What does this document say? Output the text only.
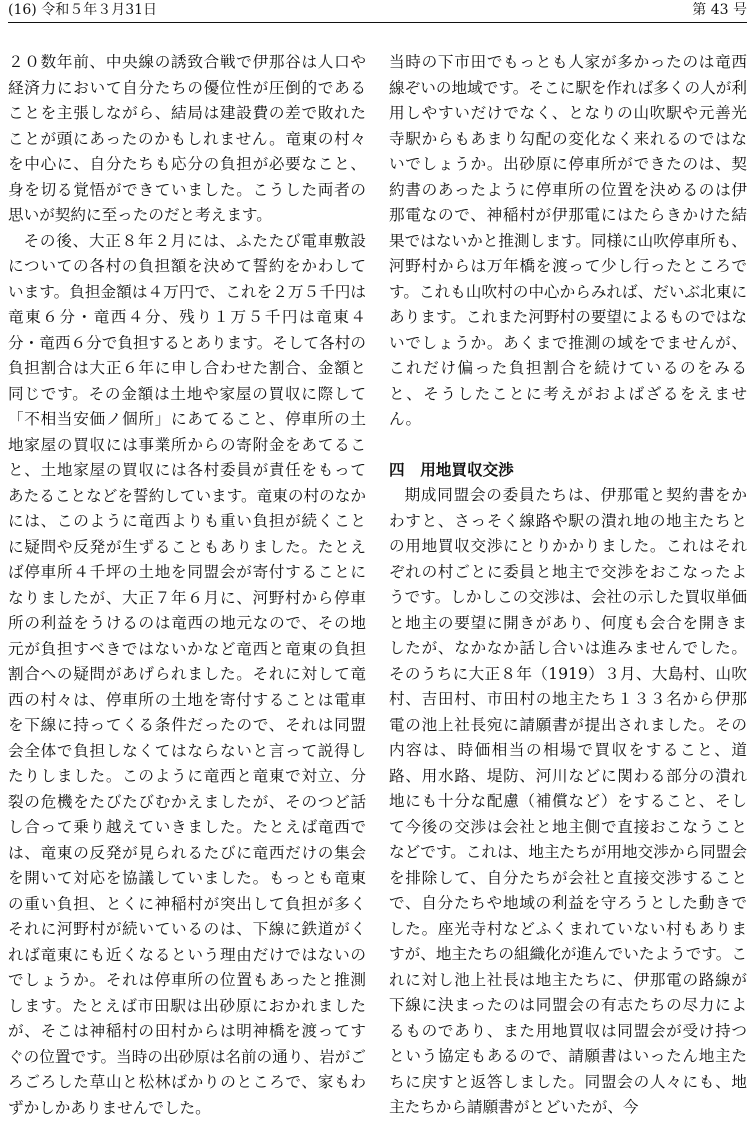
(16) 令和５年３月31日	第 43 号

２０数年前、中央線の誘致合戦で伊那谷は人口や経済力において自分たちの優位性が圧倒的であることを主張しながら、結局は建設費の差で敗れたことが頭にあったのかもしれません。竜東の村々を中心に、自分たちも応分の負担が必要なこと、身を切る覚悟ができていました。こうした両者の思いが契約に至ったのだと考えます。

その後、大正８年２月には、ふたたび電車敷設についての各村の負担額を決めて誓約をかわしています。負担金額は４万円で、これを２万５千円は竜東６分・竜西４分、残り１万５千円は竜東４分・竜西６分で負担するとあります。そして各村の負担割合は大正６年に申し合わせた割合、金額と同じです。その金額は土地や家屋の買収に際して「不相当安価ノ個所」にあてること、停車所の土地家屋の買収には事業所からの寄附金をあてること、土地家屋の買収には各村委員が責任をもってあたることなどを誓約しています。竜東の村のなかには、このように竜西よりも重い負担が続くことに疑問や反発が生ずることもありました。たとえば停車所４千坪の土地を同盟会が寄付することになりましたが、大正７年６月に、河野村から停車所の利益をうけるのは竜西の地元なので、その地元が負担すべきではないかなど竜西と竜東の負担割合への疑問があげられました。それに対して竜西の村々は、停車所の土地を寄付することは電車を下線に持ってくる条件だったので、それは同盟会全体で負担しなくてはならないと言って説得したりしました。このように竜西と竜東で対立、分裂の危機をたびたびむかえましたが、そのつど話し合って乗り越えていきました。たとえば竜西では、竜東の反発が見られるたびに竜西だけの集会を開いて対応を協議していました。もっとも竜東の重い負担、とくに神稲村が突出して負担が多くそれに河野村が続いているのは、下線に鉄道がくれば竜東にも近くなるという理由だけではないのでしょうか。それは停車所の位置もあったと推測します。たとえば市田駅は出砂原におかれましたが、そこは神稲村の田村からは明神橋を渡ってすぐの位置です。当時の出砂原は名前の通り、岩がごろごろした草山と松林ばかりのところで、家もわずかしかありませんでした。

当時の下市田でもっとも人家が多かったのは竜西線ぞいの地域です。そこに駅を作れば多くの人が利用しやすいだけでなく、となりの山吹駅や元善光寺駅からもあまり勾配の変化なく来れるのではないでしょうか。出砂原に停車所ができたのは、契約書のあったように停車所の位置を決めるのは伊那電なので、神稲村が伊那電にはたらきかけた結果ではないかと推測します。同様に山吹停車所も、河野村からは万年橋を渡って少し行ったところです。これも山吹村の中心からみれば、だいぶ北東にあります。これまた河野村の要望によるものではないでしょうか。あくまで推測の域をでませんが、これだけ偏った負担割合を続けているのをみると、そうしたことに考えがおよばざるをえません。

四　用地買収交渉

期成同盟会の委員たちは、伊那電と契約書をかわすと、さっそく線路や駅の潰れ地の地主たちとの用地買収交渉にとりかかりました。これはそれぞれの村ごとに委員と地主で交渉をおこなったようです。しかしこの交渉は、会社の示した買収単価と地主の要望に開きがあり、何度も会合を開きましたが、なかなか話し合いは進みませんでした。そのうちに大正８年（1919）３月、大島村、山吹村、吉田村、市田村の地主たち１３３名から伊那電の池上社長宛に請願書が提出されました。その内容は、時価相当の相場で買収をすること、道路、用水路、堤防、河川などに関わる部分の潰れ地にも十分な配慮（補償など）をすること、そして今後の交渉は会社と地主側で直接おこなうことなどです。これは、地主たちが用地交渉から同盟会を排除して、自分たちが会社と直接交渉することで、自分たちや地域の利益を守ろうとした動きでした。座光寺村などふくまれていない村もありますが、地主たちの組織化が進んでいたようです。これに対し池上社長は地主たちに、伊那電の路線が下線に決まったのは同盟会の有志たちの尽力によるものであり、また用地買収は同盟会が受け持つという協定もあるので、請願書はいったん地主たちに戻すと返答しました。同盟会の人々にも、地主たちから請願書がとどいたが、今
